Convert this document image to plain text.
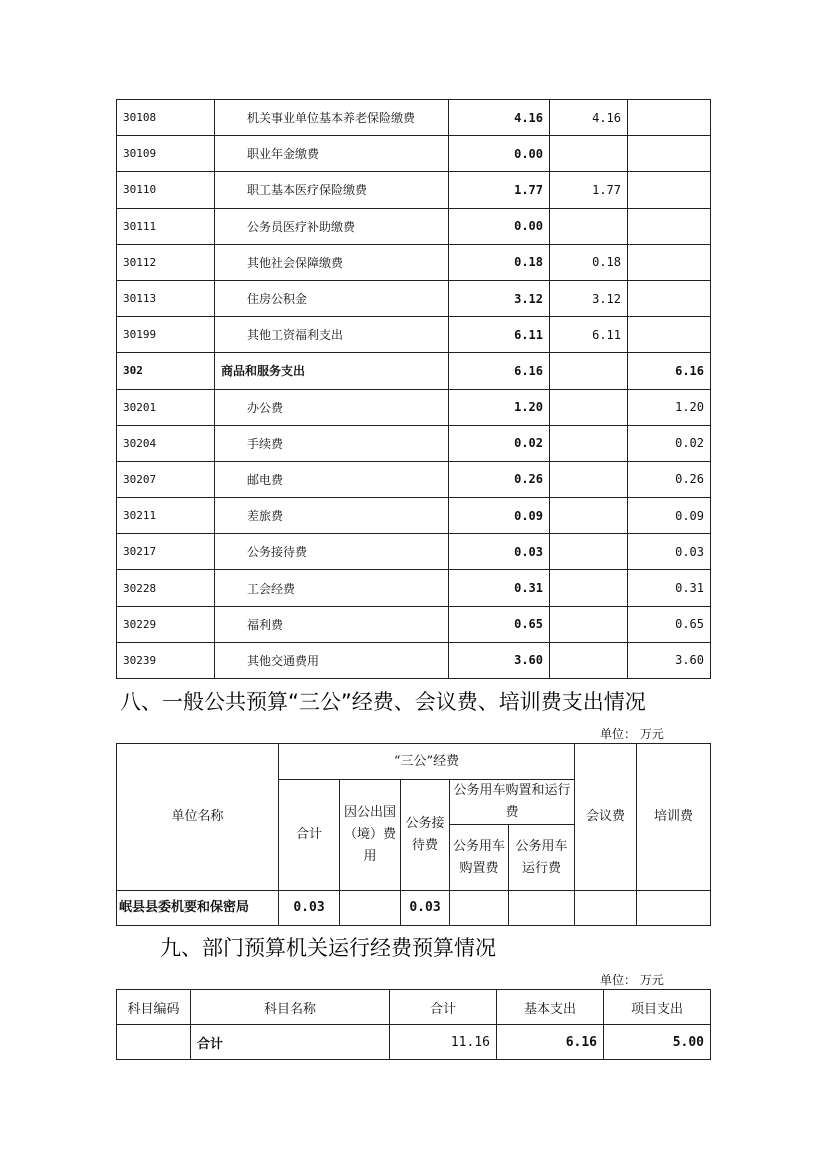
30108	机关事业单位基本养老保险缴费	4.16	4.16	
30109	职业年金缴费	0.00		
30110	职工基本医疗保险缴费	1.77	1.77	
30111	公务员医疗补助缴费	0.00		
30112	其他社会保障缴费	0.18	0.18	
30113	住房公积金	3.12	3.12	
30199	其他工资福利支出	6.11	6.11	
302	商品和服务支出	6.16		6.16
30201	办公费	1.20		1.20
30204	手续费	0.02		0.02
30207	邮电费	0.26		0.26
30211	差旅费	0.09		0.09
30217	公务接待费	0.03		0.03
30228	工会经费	0.31		0.31
30229	福利费	0.65		0.65
30239	其他交通费用	3.60		3.60
八、一般公共预算“三公”经费、会议费、培训费支出情况
单位： 万元
单位名称	“三公”经费					会议费	培训费
	合计	因公出国（境）费用	公务接待费	公务用车购置和运行费			
				公务用车购置费	公务用车运行费		
岷县县委机要和保密局	0.03		0.03				
九、部门预算机关运行经费预算情况
单位： 万元
科目编码	科目名称	合计	基本支出	项目支出
	合计	11.16	6.16	5.00
